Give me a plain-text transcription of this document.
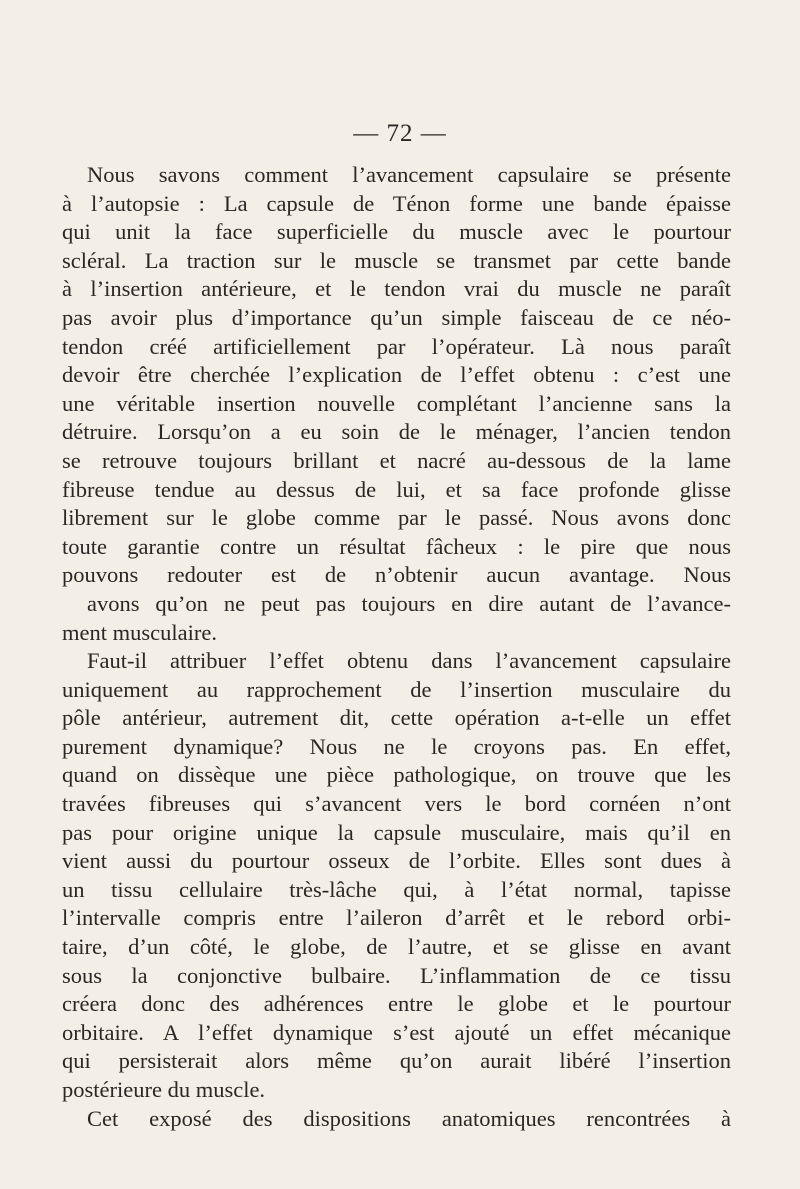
— 72 —
Nous savons comment l’avancement capsulaire se présente
à l’autopsie : La capsule de Ténon forme une bande épaisse
qui unit la face superficielle du muscle avec le pourtour
scléral. La traction sur le muscle se transmet par cette bande
à l’insertion antérieure, et le tendon vrai du muscle ne paraît
pas avoir plus d’importance qu’un simple faisceau de ce néo-
tendon créé artificiellement par l’opérateur. Là nous paraît
devoir être cherchée l’explication de l’effet obtenu : c’est une
une véritable insertion nouvelle complétant l’ancienne sans la
détruire. Lorsqu’on a eu soin de le ménager, l’ancien tendon
se retrouve toujours brillant et nacré au-dessous de la lame
fibreuse tendue au dessus de lui, et sa face profonde glisse
librement sur le globe comme par le passé. Nous avons donc
toute garantie contre un résultat fâcheux : le pire que nous
pouvons redouter est de n’obtenir aucun avantage. Nous
avons qu’on ne peut pas toujours en dire autant de l’avance-
ment musculaire.
Faut-il attribuer l’effet obtenu dans l’avancement capsulaire
uniquement au rapprochement de l’insertion musculaire du
pôle antérieur, autrement dit, cette opération a-t-elle un effet
purement dynamique? Nous ne le croyons pas. En effet,
quand on dissèque une pièce pathologique, on trouve que les
travées fibreuses qui s’avancent vers le bord cornéen n’ont
pas pour origine unique la capsule musculaire, mais qu’il en
vient aussi du pourtour osseux de l’orbite. Elles sont dues à
un tissu cellulaire très-lâche qui, à l’état normal, tapisse
l’intervalle compris entre l’aileron d’arrêt et le rebord orbi-
taire, d’un côté, le globe, de l’autre, et se glisse en avant
sous la conjonctive bulbaire. L’inflammation de ce tissu
créera donc des adhérences entre le globe et le pourtour
orbitaire. A l’effet dynamique s’est ajouté un effet mécanique
qui persisterait alors même qu’on aurait libéré l’insertion
postérieure du muscle.
Cet exposé des dispositions anatomiques rencontrées à
